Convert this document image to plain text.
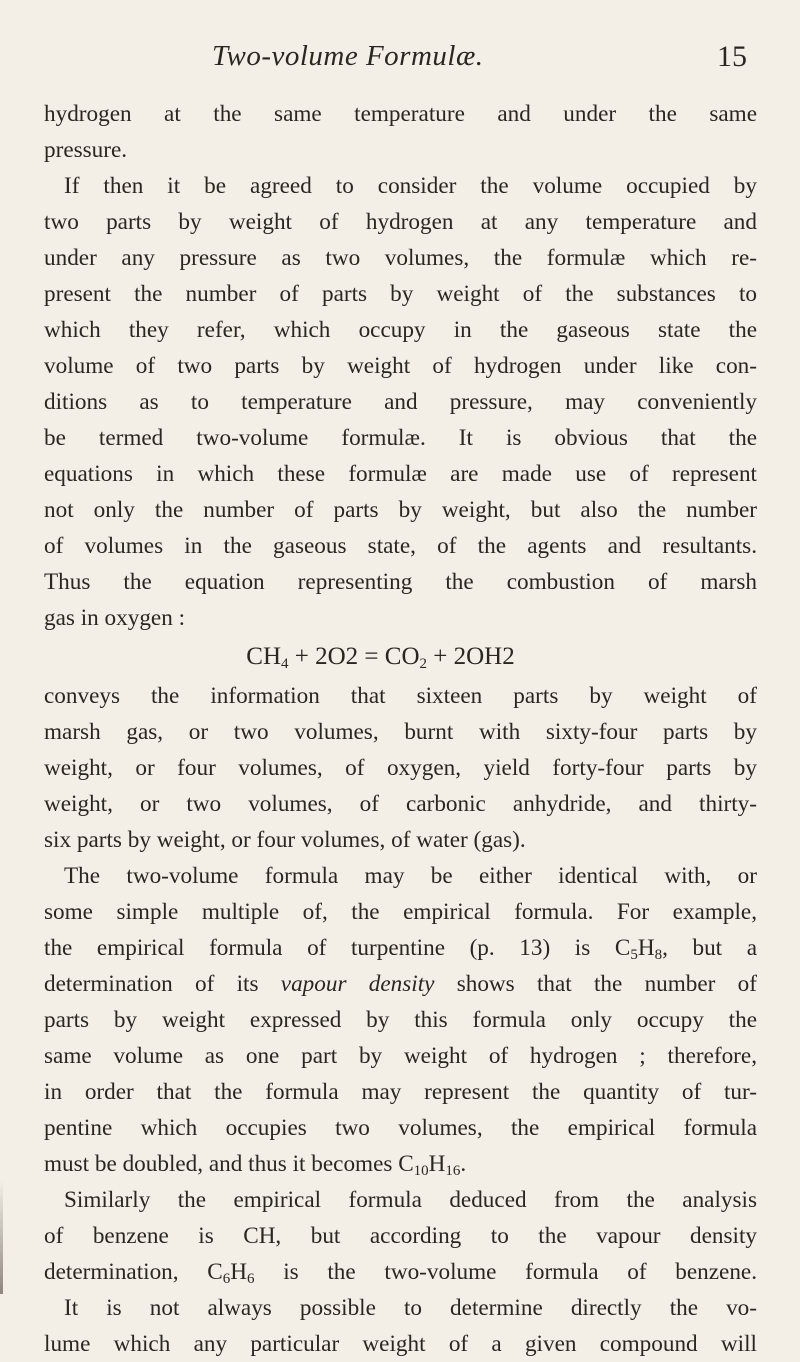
Two-volume Formulæ.	15
hydrogen at the same temperature and under the same
pressure.
If then it be agreed to consider the volume occupied by
two parts by weight of hydrogen at any temperature and
under any pressure as two volumes, the formulæ which re-
present the number of parts by weight of the substances to
which they refer, which occupy in the gaseous state the
volume of two parts by weight of hydrogen under like con-
ditions as to temperature and pressure, may conveniently
be termed two-volume formulæ. It is obvious that the
equations in which these formulæ are made use of represent
not only the number of parts by weight, but also the number
of volumes in the gaseous state, of the agents and resultants.
Thus the equation representing the combustion of marsh
gas in oxygen :
$CH_4 + 2O2 = CO_2 + 2OH2$
conveys the information that sixteen parts by weight of
marsh gas, or two volumes, burnt with sixty-four parts by
weight, or four volumes, of oxygen, yield forty-four parts by
weight, or two volumes, of carbonic anhydride, and thirty-
six parts by weight, or four volumes, of water (gas).
The two-volume formula may be either identical with, or
some simple multiple of, the empirical formula. For example,
the empirical formula of turpentine (p. 13) is $C_5H_8$, but a
determination of its vapour density shows that the number of
parts by weight expressed by this formula only occupy the
same volume as one part by weight of hydrogen ; therefore,
in order that the formula may represent the quantity of tur-
pentine which occupies two volumes, the empirical formula
must be doubled, and thus it becomes $C_{10}H_{16}$.
Similarly the empirical formula deduced from the analysis
of benzene is CH, but according to the vapour density
determination, $C_6H_6$ is the two-volume formula of benzene.
It is not always possible to determine directly the vo-
lume which any particular weight of a given compound will
